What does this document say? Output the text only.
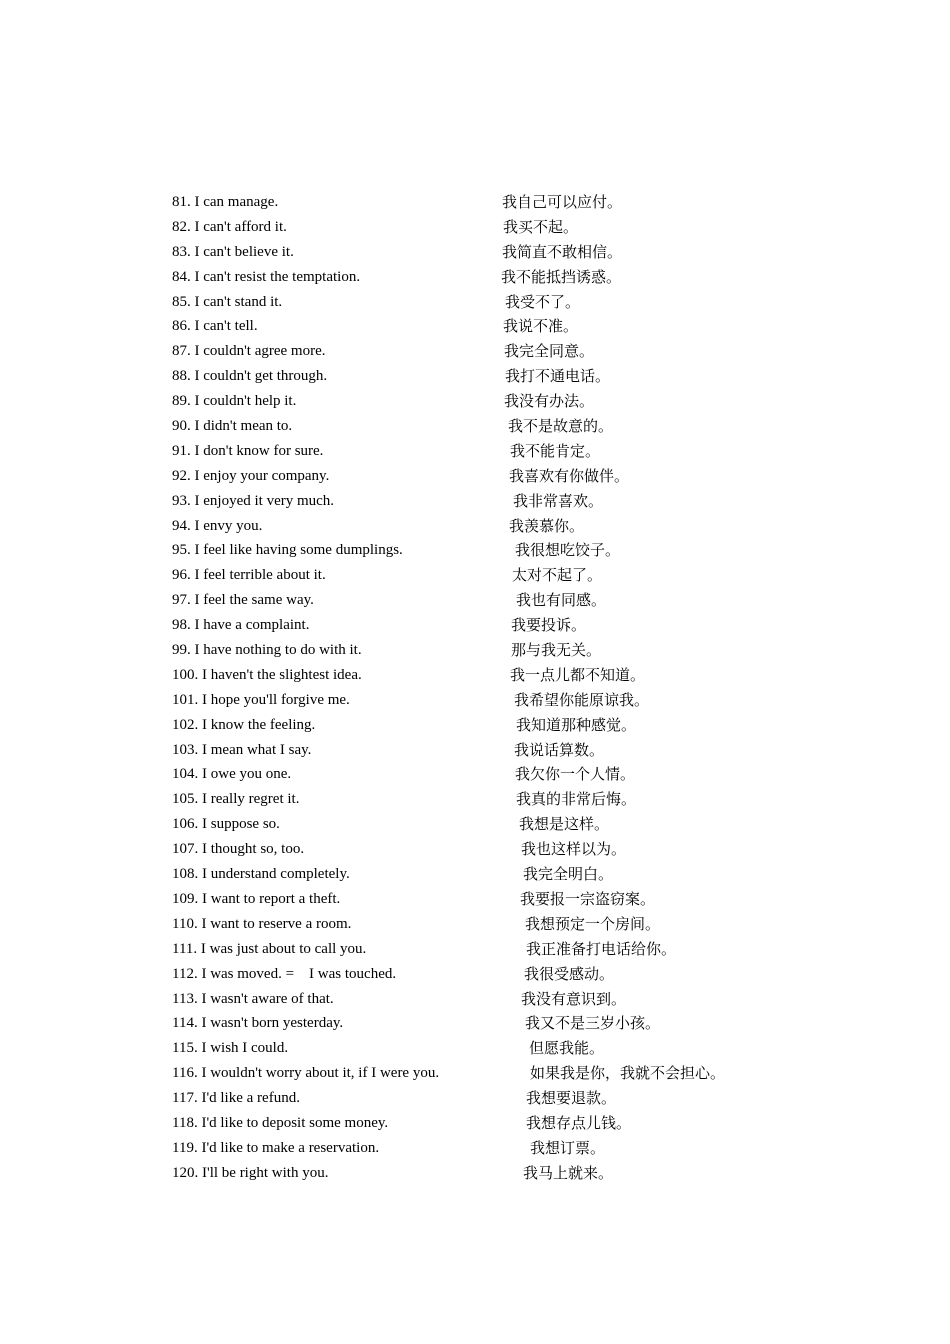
81. I can manage.	我自己可以应付。
82. I can't afford it.	我买不起。
83. I can't believe it.	我简直不敢相信。
84. I can't resist the temptation.	我不能抵挡诱惑。
85. I can't stand it.	我受不了。
86. I can't tell.	我说不准。
87. I couldn't agree more.	我完全同意。
88. I couldn't get through.	我打不通电话。
89. I couldn't help it.	我没有办法。
90. I didn't mean to.	我不是故意的。
91. I don't know for sure.	我不能肯定。
92. I enjoy your company.	我喜欢有你做伴。
93. I enjoyed it very much.	我非常喜欢。
94. I envy you.	我羡慕你。
95. I feel like having some dumplings.	我很想吃饺子。
96. I feel terrible about it.	太对不起了。
97. I feel the same way.	我也有同感。
98. I have a complaint.	我要投诉。
99. I have nothing to do with it.	那与我无关。
100. I haven't the slightest idea.	我一点儿都不知道。
101. I hope you'll forgive me.	我希望你能原谅我。
102. I know the feeling.	我知道那种感觉。
103. I mean what I say.	我说话算数。
104. I owe you one.	我欠你一个人情。
105. I really regret it.	我真的非常后悔。
106. I suppose so.	我想是这样。
107. I thought so, too.	我也这样以为。
108. I understand completely.	我完全明白。
109. I want to report a theft.	我要报一宗盗窃案。
110. I want to reserve a room.	我想预定一个房间。
111. I was just about to call you.	我正准备打电话给你。
112. I was moved. =    I was touched.	我很受感动。
113. I wasn't aware of that.	我没有意识到。
114. I wasn't born yesterday.	我又不是三岁小孩。
115. I wish I could.	但愿我能。
116. I wouldn't worry about it, if I were you.	如果我是你，我就不会担心。
117. I'd like a refund.	我想要退款。
118. I'd like to deposit some money.	我想存点儿钱。
119. I'd like to make a reservation.	我想订票。
120. I'll be right with you.	我马上就来。
